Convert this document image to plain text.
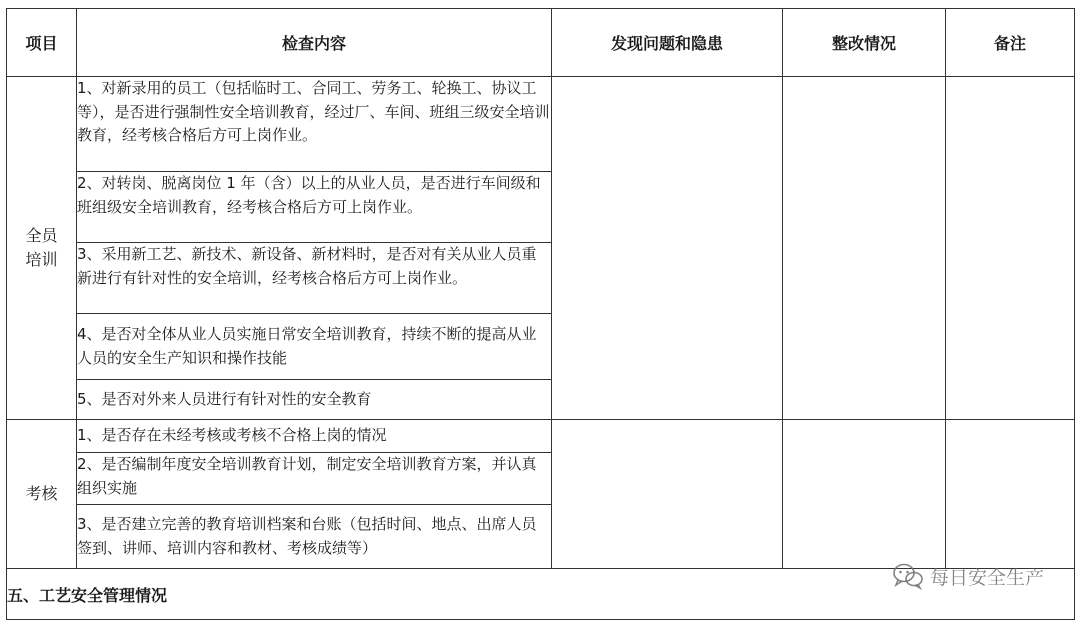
项目	检查内容	发现问题和隐患	整改情况	备注

全员
培训	1、对新录用的员工（包括临时工、合同工、劳务工、轮换工、协议工等），是否进行强制性安全培训教育，经过厂、车间、班组三级安全培训教育，经考核合格后方可上岗作业。			
	2、对转岗、脱离岗位 1 年（含）以上的从业人员，是否进行车间级和班组级安全培训教育，经考核合格后方可上岗作业。			
	3、采用新工艺、新技术、新设备、新材料时，是否对有关从业人员重新进行有针对性的安全培训，经考核合格后方可上岗作业。			
	4、是否对全体从业人员实施日常安全培训教育，持续不断的提高从业人员的安全生产知识和操作技能			
	5、是否对外来人员进行有针对性的安全教育			

考核	1、是否存在未经考核或考核不合格上岗的情况			
	2、是否编制年度安全培训教育计划，制定安全培训教育方案，并认真组织实施			
	3、是否建立完善的教育培训档案和台账（包括时间、地点、出席人员签到、讲师、培训内容和教材、考核成绩等）			
五、工艺安全管理情况				
每日安全生产
